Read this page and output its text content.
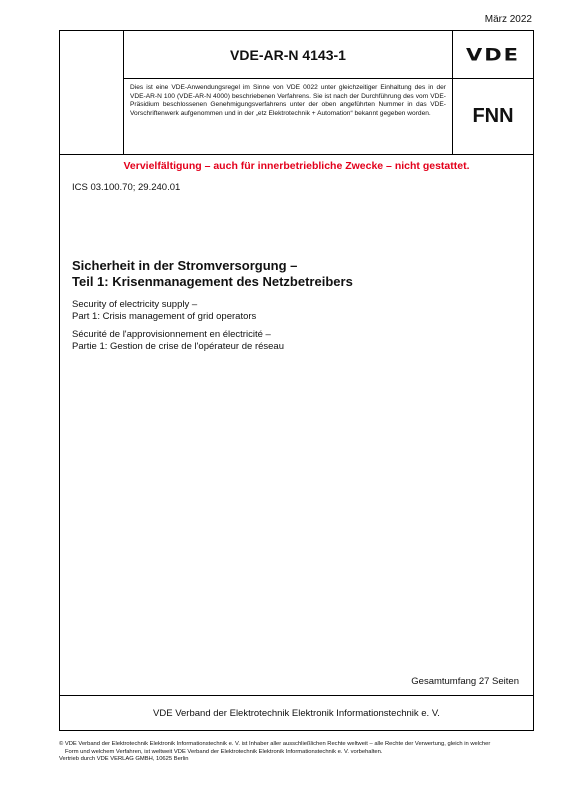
März 2022
VDE-AR-N 4143-1	VDE
Dies ist eine VDE-Anwendungsregel im Sinne von VDE 0022 unter gleichzeitiger Einhaltung des in der VDE-AR-N 100 (VDE-AR-N 4000) beschriebenen Verfahrens. Sie ist nach der Durchführung des vom VDE-Präsidium beschlossenen Genehmigungsverfahrens unter der oben angeführten Nummer in das VDE-Vorschriftenwerk aufgenommen und in der „etz Elektrotechnik + Automation“ bekannt gegeben worden.	FNN
Vervielfältigung – auch für innerbetriebliche Zwecke – nicht gestattet.
ICS 03.100.70; 29.240.01
Sicherheit in der Stromversorgung –
Teil 1: Krisenmanagement des Netzbetreibers
Security of electricity supply –
Part 1: Crisis management of grid operators
Sécurité de l'approvisionnement en électricité –
Partie 1: Gestion de crise de l'opérateur de réseau
Gesamtumfang 27 Seiten
VDE Verband der Elektrotechnik Elektronik Informationstechnik e. V.
© VDE Verband der Elektrotechnik Elektronik Informationstechnik e. V. ist Inhaber aller ausschließlichen Rechte weltweit – alle Rechte der Verwertung, gleich in welcher
Form und welchem Verfahren, ist weltweit VDE Verband der Elektrotechnik Elektronik Informationstechnik e. V. vorbehalten.
Vertrieb durch VDE VERLAG GMBH, 10625 Berlin
